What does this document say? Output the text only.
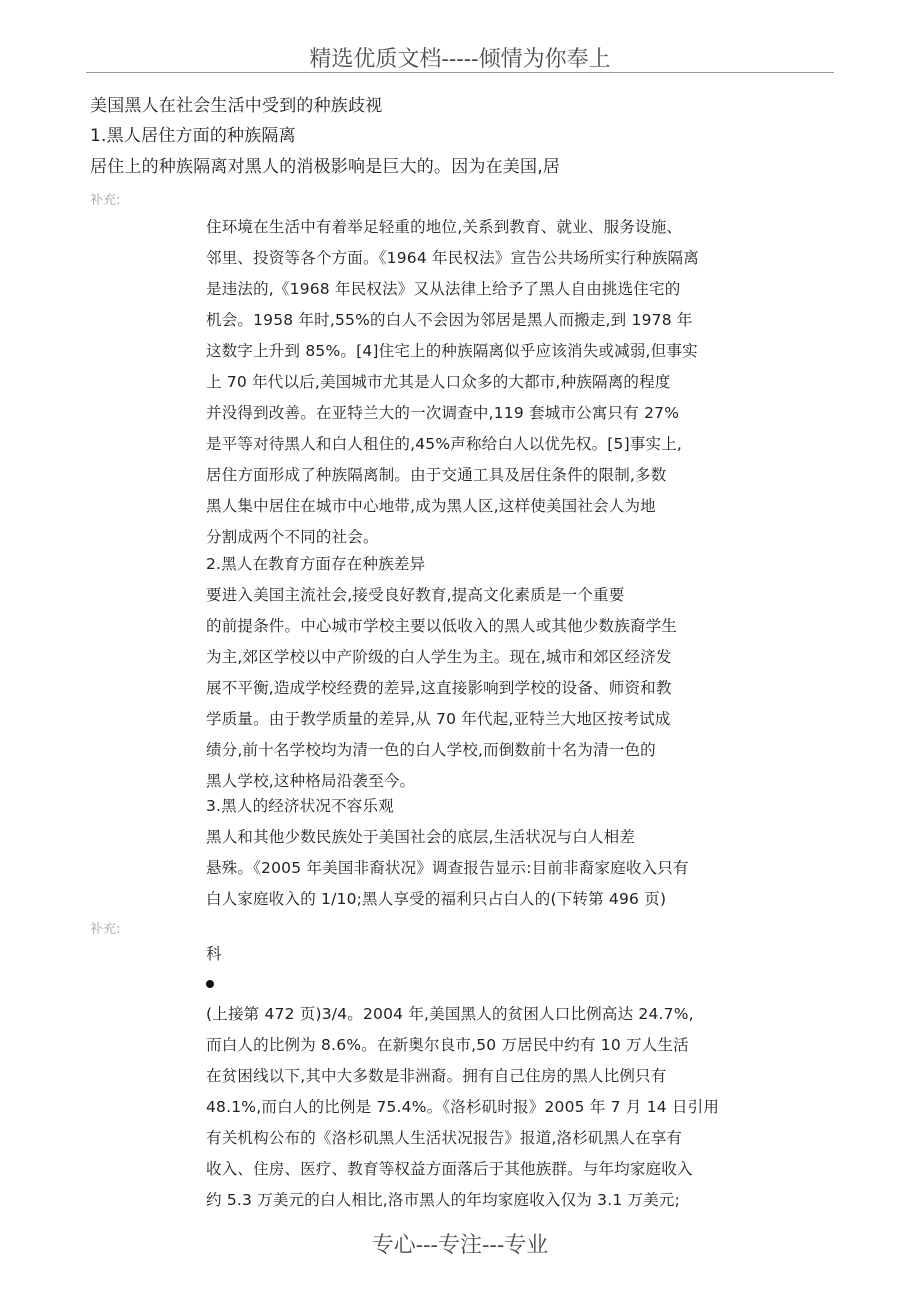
精选优质文档-----倾情为你奉上
美国黑人在社会生活中受到的种族歧视
1.黑人居住方面的种族隔离
居住上的种族隔离对黑人的消极影响是巨大的。因为在美国,居
补充:
住环境在生活中有着举足轻重的地位,关系到教育、就业、服务设施、
邻里、投资等各个方面。《1964 年民权法》宣告公共场所实行种族隔离
是违法的,《1968 年民权法》又从法律上给予了黑人自由挑选住宅的
机会。1958 年时,55%的白人不会因为邻居是黑人而搬走,到 1978 年
这数字上升到 85%。[4]住宅上的种族隔离似乎应该消失或减弱,但事实
上 70 年代以后,美国城市尤其是人口众多的大都市,种族隔离的程度
并没得到改善。在亚特兰大的一次调查中,119 套城市公寓只有 27%
是平等对待黑人和白人租住的,45%声称给白人以优先权。[5]事实上,
居住方面形成了种族隔离制。由于交通工具及居住条件的限制,多数
黑人集中居住在城市中心地带,成为黑人区,这样使美国社会人为地
分割成两个不同的社会。
2.黑人在教育方面存在种族差异
要进入美国主流社会,接受良好教育,提高文化素质是一个重要
的前提条件。中心城市学校主要以低收入的黑人或其他少数族裔学生
为主,郊区学校以中产阶级的白人学生为主。现在,城市和郊区经济发
展不平衡,造成学校经费的差异,这直接影响到学校的设备、师资和教
学质量。由于教学质量的差异,从 70 年代起,亚特兰大地区按考试成
绩分,前十名学校均为清一色的白人学校,而倒数前十名为清一色的
黑人学校,这种格局沿袭至今。
3.黑人的经济状况不容乐观
黑人和其他少数民族处于美国社会的底层,生活状况与白人相差
悬殊。《2005 年美国非裔状况》调查报告显示:目前非裔家庭收入只有
白人家庭收入的 1/10;黑人享受的福利只占白人的(下转第 496 页)
补充:
科
(上接第 472 页)3/4。2004 年,美国黑人的贫困人口比例高达 24.7%,
而白人的比例为 8.6%。在新奥尔良市,50 万居民中约有 10 万人生活
在贫困线以下,其中大多数是非洲裔。拥有自己住房的黑人比例只有
48.1%,而白人的比例是 75.4%。《洛杉矶时报》2005 年 7 月 14 日引用
有关机构公布的《洛杉矶黑人生活状况报告》报道,洛杉矶黑人在享有
收入、住房、医疗、教育等权益方面落后于其他族群。与年均家庭收入
约 5.3 万美元的白人相比,洛市黑人的年均家庭收入仅为 3.1 万美元;
专心---专注---专业
